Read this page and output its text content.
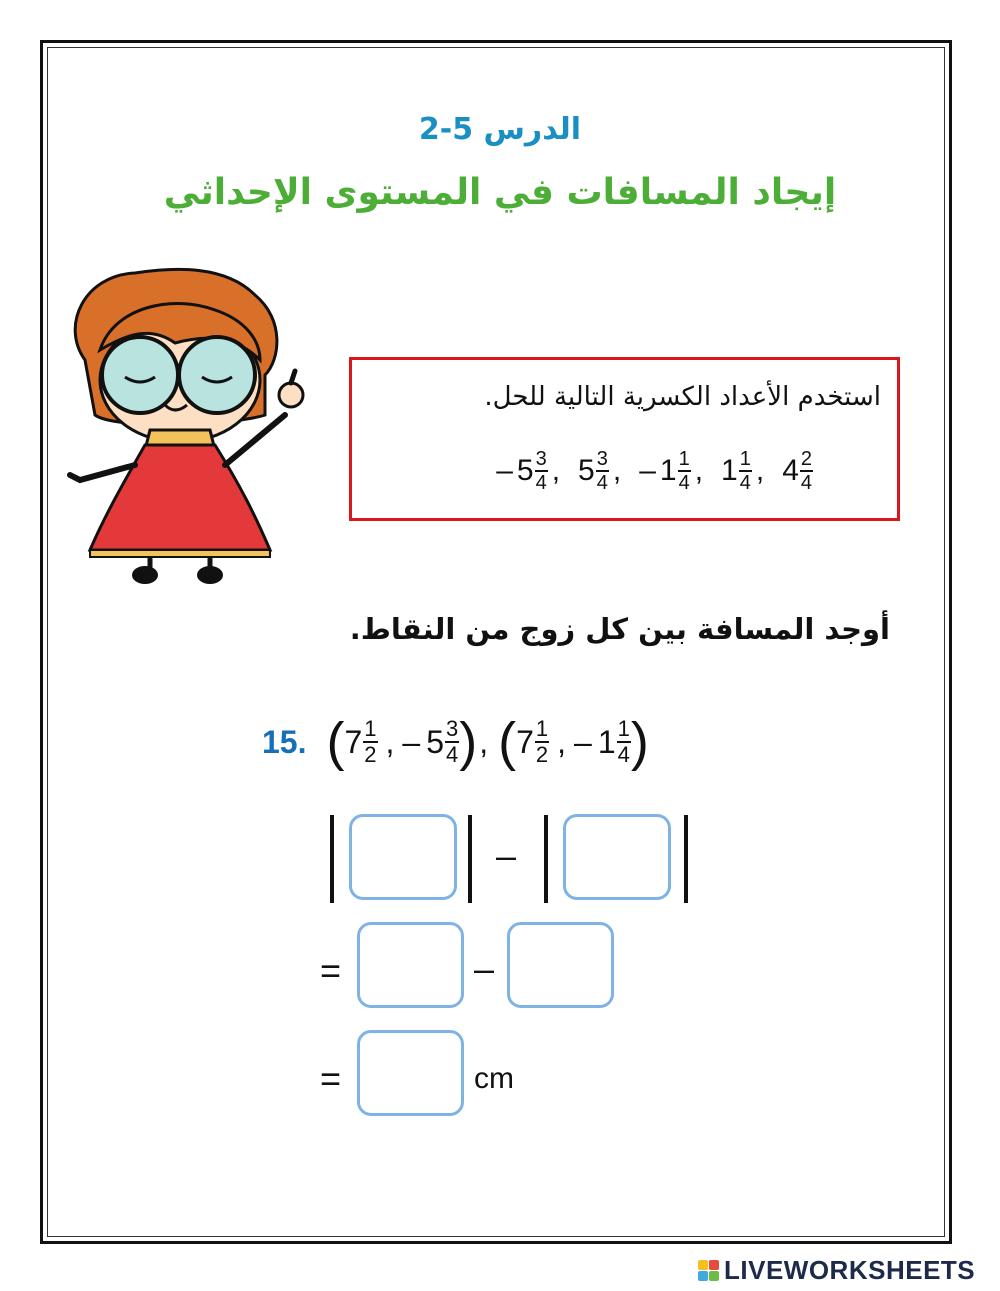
الدرس 5-2
إيجاد المسافات في المستوى الإحداثي
استخدم الأعداد الكسرية التالية للحل.
– $5 \frac{3}{4}$ , $5 \frac{3}{4}$ , – $1 \frac{1}{4}$ , $1 \frac{1}{4}$ , $4 \frac{2}{4}$
أوجد المسافة بين كل زوج من النقاط.
15. ( $7 \frac{1}{2}$ , – $5 \frac{3}{4}$ ) , ( $7 \frac{1}{2}$ , – $1 \frac{1}{4}$ )
–
=	–
=	cm
LIVEWORKSHEETS
